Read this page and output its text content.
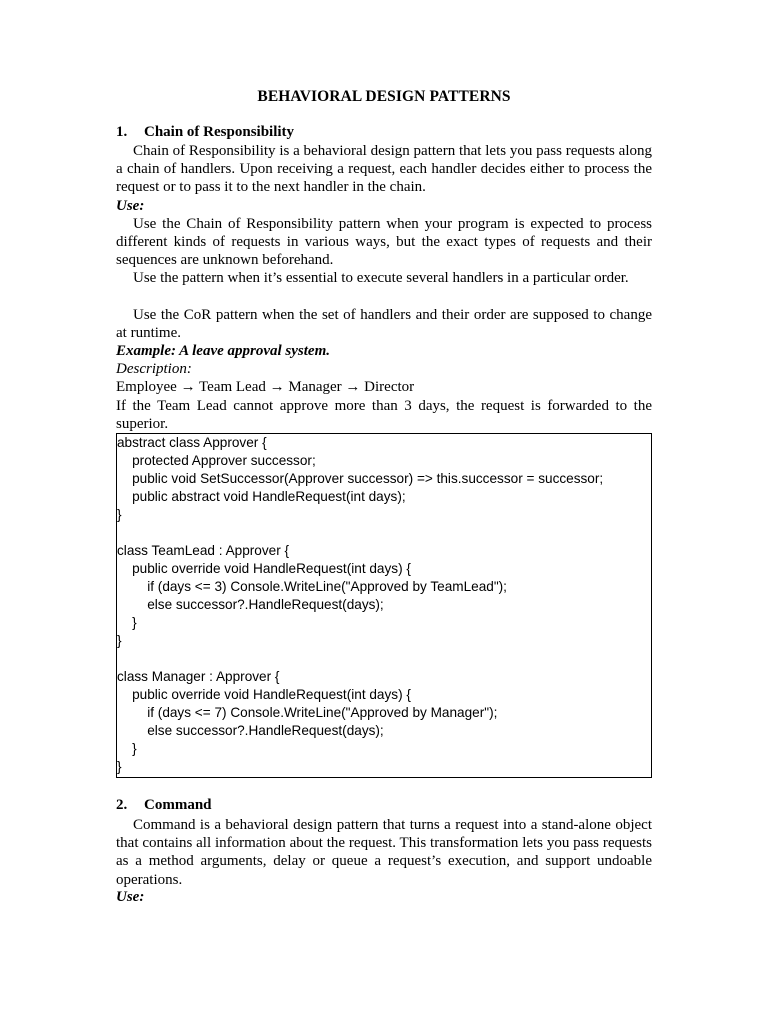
BEHAVIORAL DESIGN PATTERNS
1. Chain of Responsibility

Chain of Responsibility is a behavioral design pattern that lets you pass requests along a chain of handlers. Upon receiving a request, each handler decides either to process the request or to pass it to the next handler in the chain.

Use:

Use the Chain of Responsibility pattern when your program is expected to process different kinds of requests in various ways, but the exact types of requests and their sequences are unknown beforehand.

Use the pattern when it’s essential to execute several handlers in a particular order.

Use the CoR pattern when the set of handlers and their order are supposed to change at runtime.

Example: A leave approval system.
Description:
Employee → Team Lead → Manager → Director

If the Team Lead cannot approve more than 3 days, the request is forwarded to the superior.

2. Command

Command is a behavioral design pattern that turns a request into a stand-alone object that contains all information about the request. This transformation lets you pass requests as a method arguments, delay or queue a request’s execution, and support undoable operations.

Use:
abstract class Approver {
protected Approver successor;
public void SetSuccessor(Approver successor) => this.successor = successor;
public abstract void HandleRequest(int days);
}
class TeamLead : Approver {
public override void HandleRequest(int days) {
if (days <= 3) Console.WriteLine("Approved by TeamLead");
else successor?.HandleRequest(days);
}
}
class Manager : Approver {
public override void HandleRequest(int days) {
if (days <= 7) Console.WriteLine("Approved by Manager");
else successor?.HandleRequest(days);
}
}
